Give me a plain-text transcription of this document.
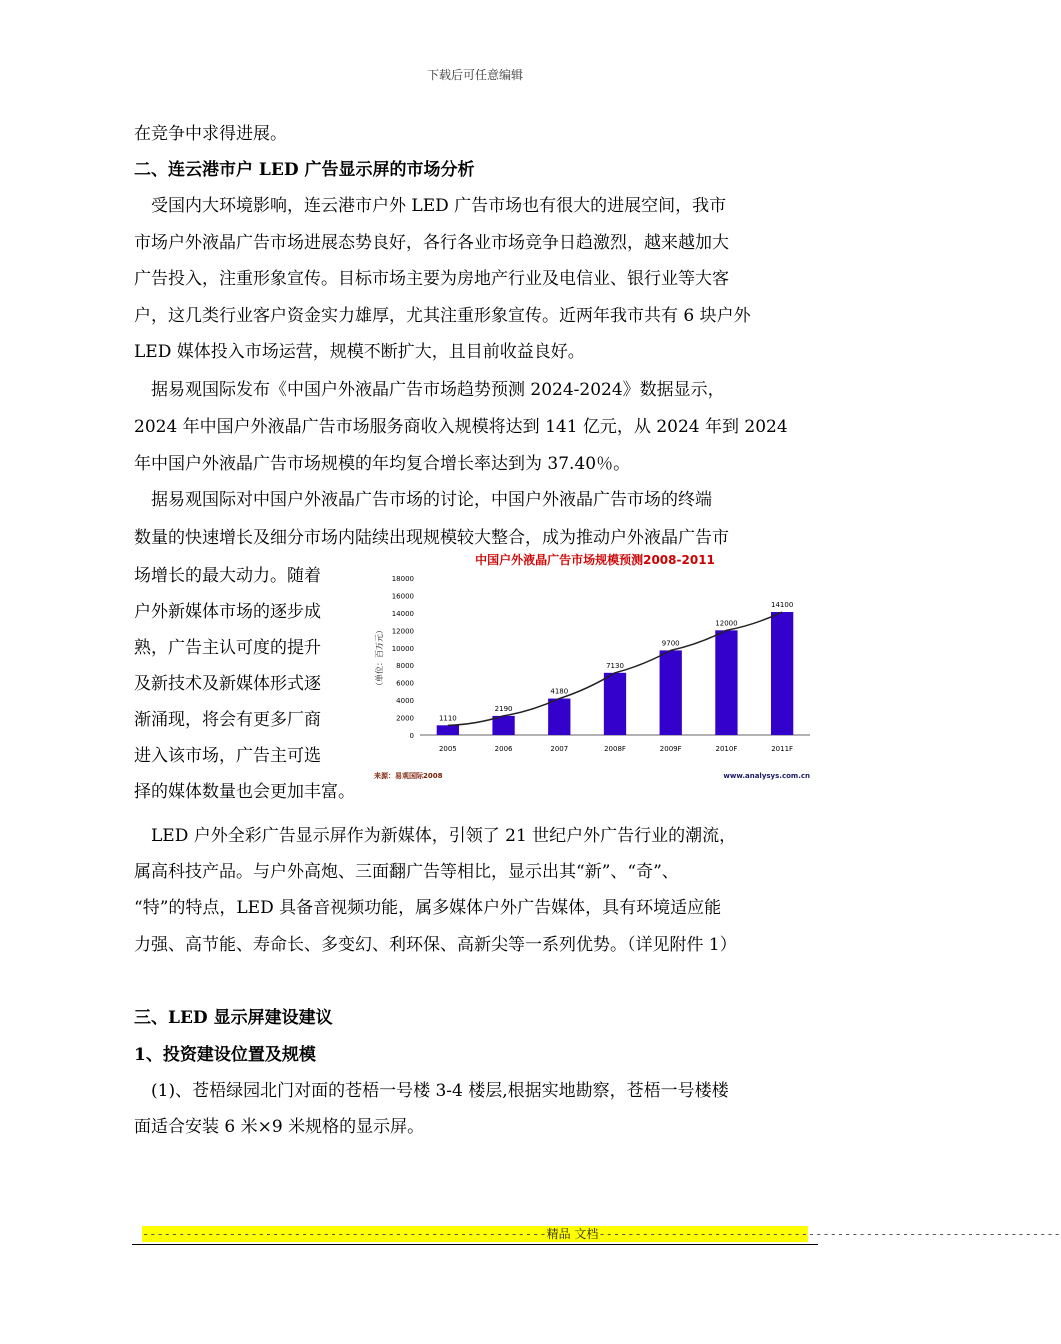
下载后可任意编辑
在竞争中求得进展。
二、连云港市户 LED 广告显示屏的市场分析
　受国内大环境影响，连云港市户外 LED 广告市场也有很大的进展空间，我市
市场户外液晶广告市场进展态势良好，各行各业市场竞争日趋激烈，越来越加大
广告投入，注重形象宣传。目标市场主要为房地产行业及电信业、银行业等大客
户，这几类行业客户资金实力雄厚，尤其注重形象宣传。近两年我市共有 6 块户外
LED 媒体投入市场运营，规模不断扩大，且目前收益良好。
　据易观国际发布《中国户外液晶广告市场趋势预测 2024-2024》数据显示，
2024 年中国户外液晶广告市场服务商收入规模将达到 141 亿元，从 2024 年到 2024
年中国户外液晶广告市场规模的年均复合增长率达到为 37.40％。
　据易观国际对中国户外液晶广告市场的讨论，中国户外液晶广告市场的终端
数量的快速增长及细分市场内陆续出现规模较大整合，成为推动户外液晶广告市
场增长的最大动力。随着
户外新媒体市场的逐步成
熟，广告主认可度的提升
及新技术及新媒体形式逐
渐涌现，将会有更多厂商
进入该市场，广告主可选
择的媒体数量也会更加丰富。
中国户外液晶广告市场规模预测2008-2011
（单位：百万元）
1110
2190
4180
7130
9700
12000
14100
2005	2006	2007	2008F	2009F	2010F	2011F
0
2000
4000
6000
8000
10000
12000
14000
16000
18000
来源：易观国际2008	www.analysys.com.cn
　LED 户外全彩广告显示屏作为新媒体，引领了 21 世纪户外广告行业的潮流，
属高科技产品。与户外高炮、三面翻广告等相比，显示出其“新”、“奇”、
“特”的特点，LED 具备音视频功能，属多媒体户外广告媒体，具有环境适应能
力强、高节能、寿命长、多变幻、利环保、高新尖等一系列优势。（详见附件 1）
三、LED 显示屏建设建议
1、投资建设位置及规模
　(1)、苍梧绿园北门对面的苍梧一号楼 3-4 楼层,根据实地勘察，苍梧一号楼楼
面适合安装 6 米×9 米规格的显示屏。
--------------------------------------------------------精品 文档----------------------------------------------------------------
